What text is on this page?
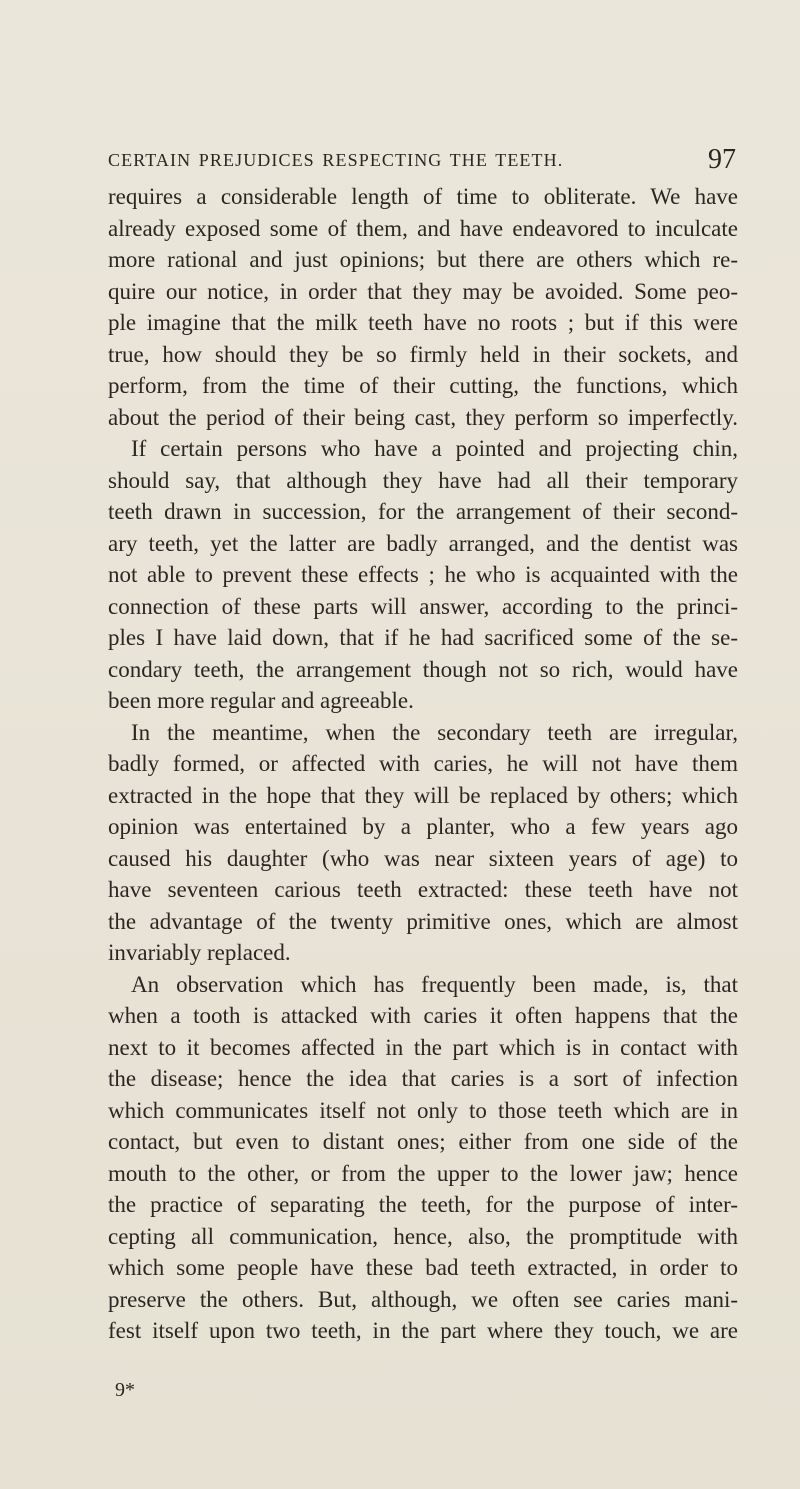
CERTAIN PREJUDICES RESPECTING THE TEETH.	97
requires a considerable length of time to obliterate. We have
already exposed some of them, and have endeavored to inculcate
more rational and just opinions; but there are others which re-
quire our notice, in order that they may be avoided. Some peo-
ple imagine that the milk teeth have no roots ; but if this were
true, how should they be so firmly held in their sockets, and
perform, from the time of their cutting, the functions, which
about the period of their being cast, they perform so imperfectly.
If certain persons who have a pointed and projecting chin,
should say, that although they have had all their temporary
teeth drawn in succession, for the arrangement of their second-
ary teeth, yet the latter are badly arranged, and the dentist was
not able to prevent these effects ; he who is acquainted with the
connection of these parts will answer, according to the princi-
ples I have laid down, that if he had sacrificed some of the se-
condary teeth, the arrangement though not so rich, would have
been more regular and agreeable.
In the meantime, when the secondary teeth are irregular,
badly formed, or affected with caries, he will not have them
extracted in the hope that they will be replaced by others; which
opinion was entertained by a planter, who a few years ago
caused his daughter (who was near sixteen years of age) to
have seventeen carious teeth extracted: these teeth have not
the advantage of the twenty primitive ones, which are almost
invariably replaced.
An observation which has frequently been made, is, that
when a tooth is attacked with caries it often happens that the
next to it becomes affected in the part which is in contact with
the disease; hence the idea that caries is a sort of infection
which communicates itself not only to those teeth which are in
contact, but even to distant ones; either from one side of the
mouth to the other, or from the upper to the lower jaw; hence
the practice of separating the teeth, for the purpose of inter-
cepting all communication, hence, also, the promptitude with
which some people have these bad teeth extracted, in order to
preserve the others. But, although, we often see caries mani-
fest itself upon two teeth, in the part where they touch, we are
9*
